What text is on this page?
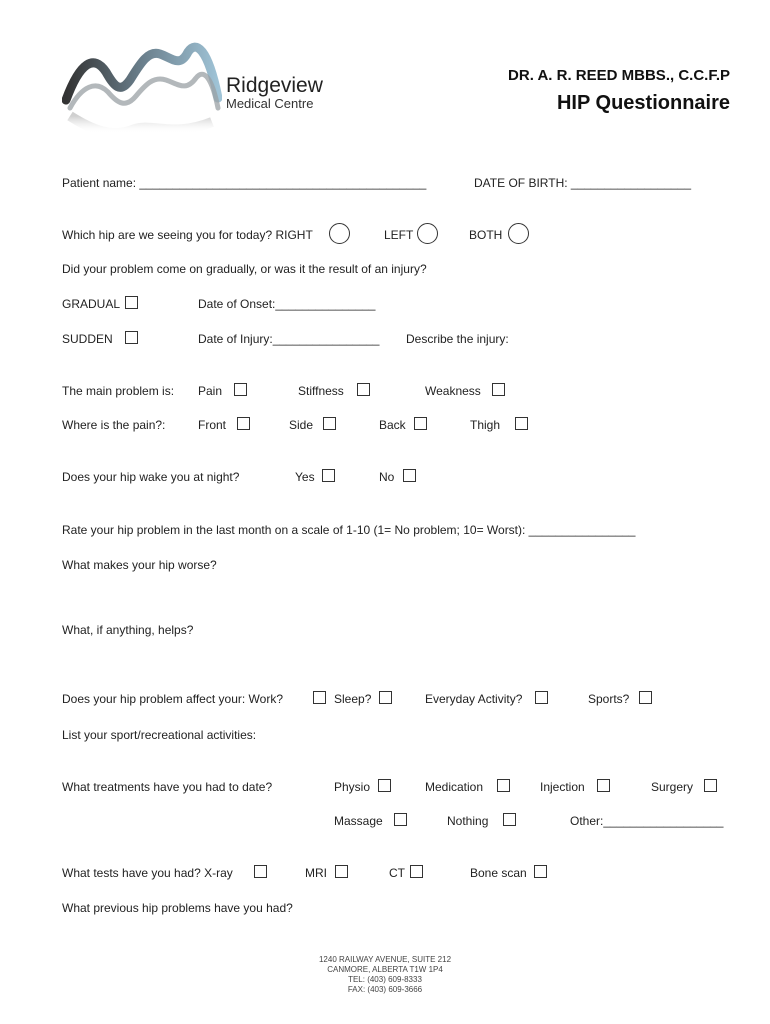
Ridgeview
Medical Centre
DR. A. R. REED MBBS., C.C.F.P
HIP Questionnaire
Patient name: ___________________________________________	DATE OF BIRTH: __________________
Which hip are we seeing you for today? RIGHT	LEFT	BOTH
Did your problem come on gradually, or was it the result of an injury?
GRADUAL	Date of Onset:_______________
SUDDEN	Date of Injury:________________ Describe the injury:
The main problem is: Pain	Stiffness	Weakness
Where is the pain?:	Front	Side	Back	Thigh
Does your hip wake you at night?	Yes	No
Rate your hip problem in the last month on a scale of 1-10 (1= No problem; 10= Worst): ________________
What makes your hip worse?
What, if anything, helps?
Does your hip problem affect your: Work?	Sleep?	Everyday Activity?	Sports?
List your sport/recreational activities:
What treatments have you had to date?	Physio	Medication	Injection	Surgery
Massage	Nothing	Other:__________________
What tests have you had? X-ray	MRI	CT	Bone scan
What previous hip problems have you had?
1240 RAILWAY AVENUE, SUITE 212
CANMORE, ALBERTA T1W 1P4
TEL: (403) 609-8333
FAX: (403) 609-3666
